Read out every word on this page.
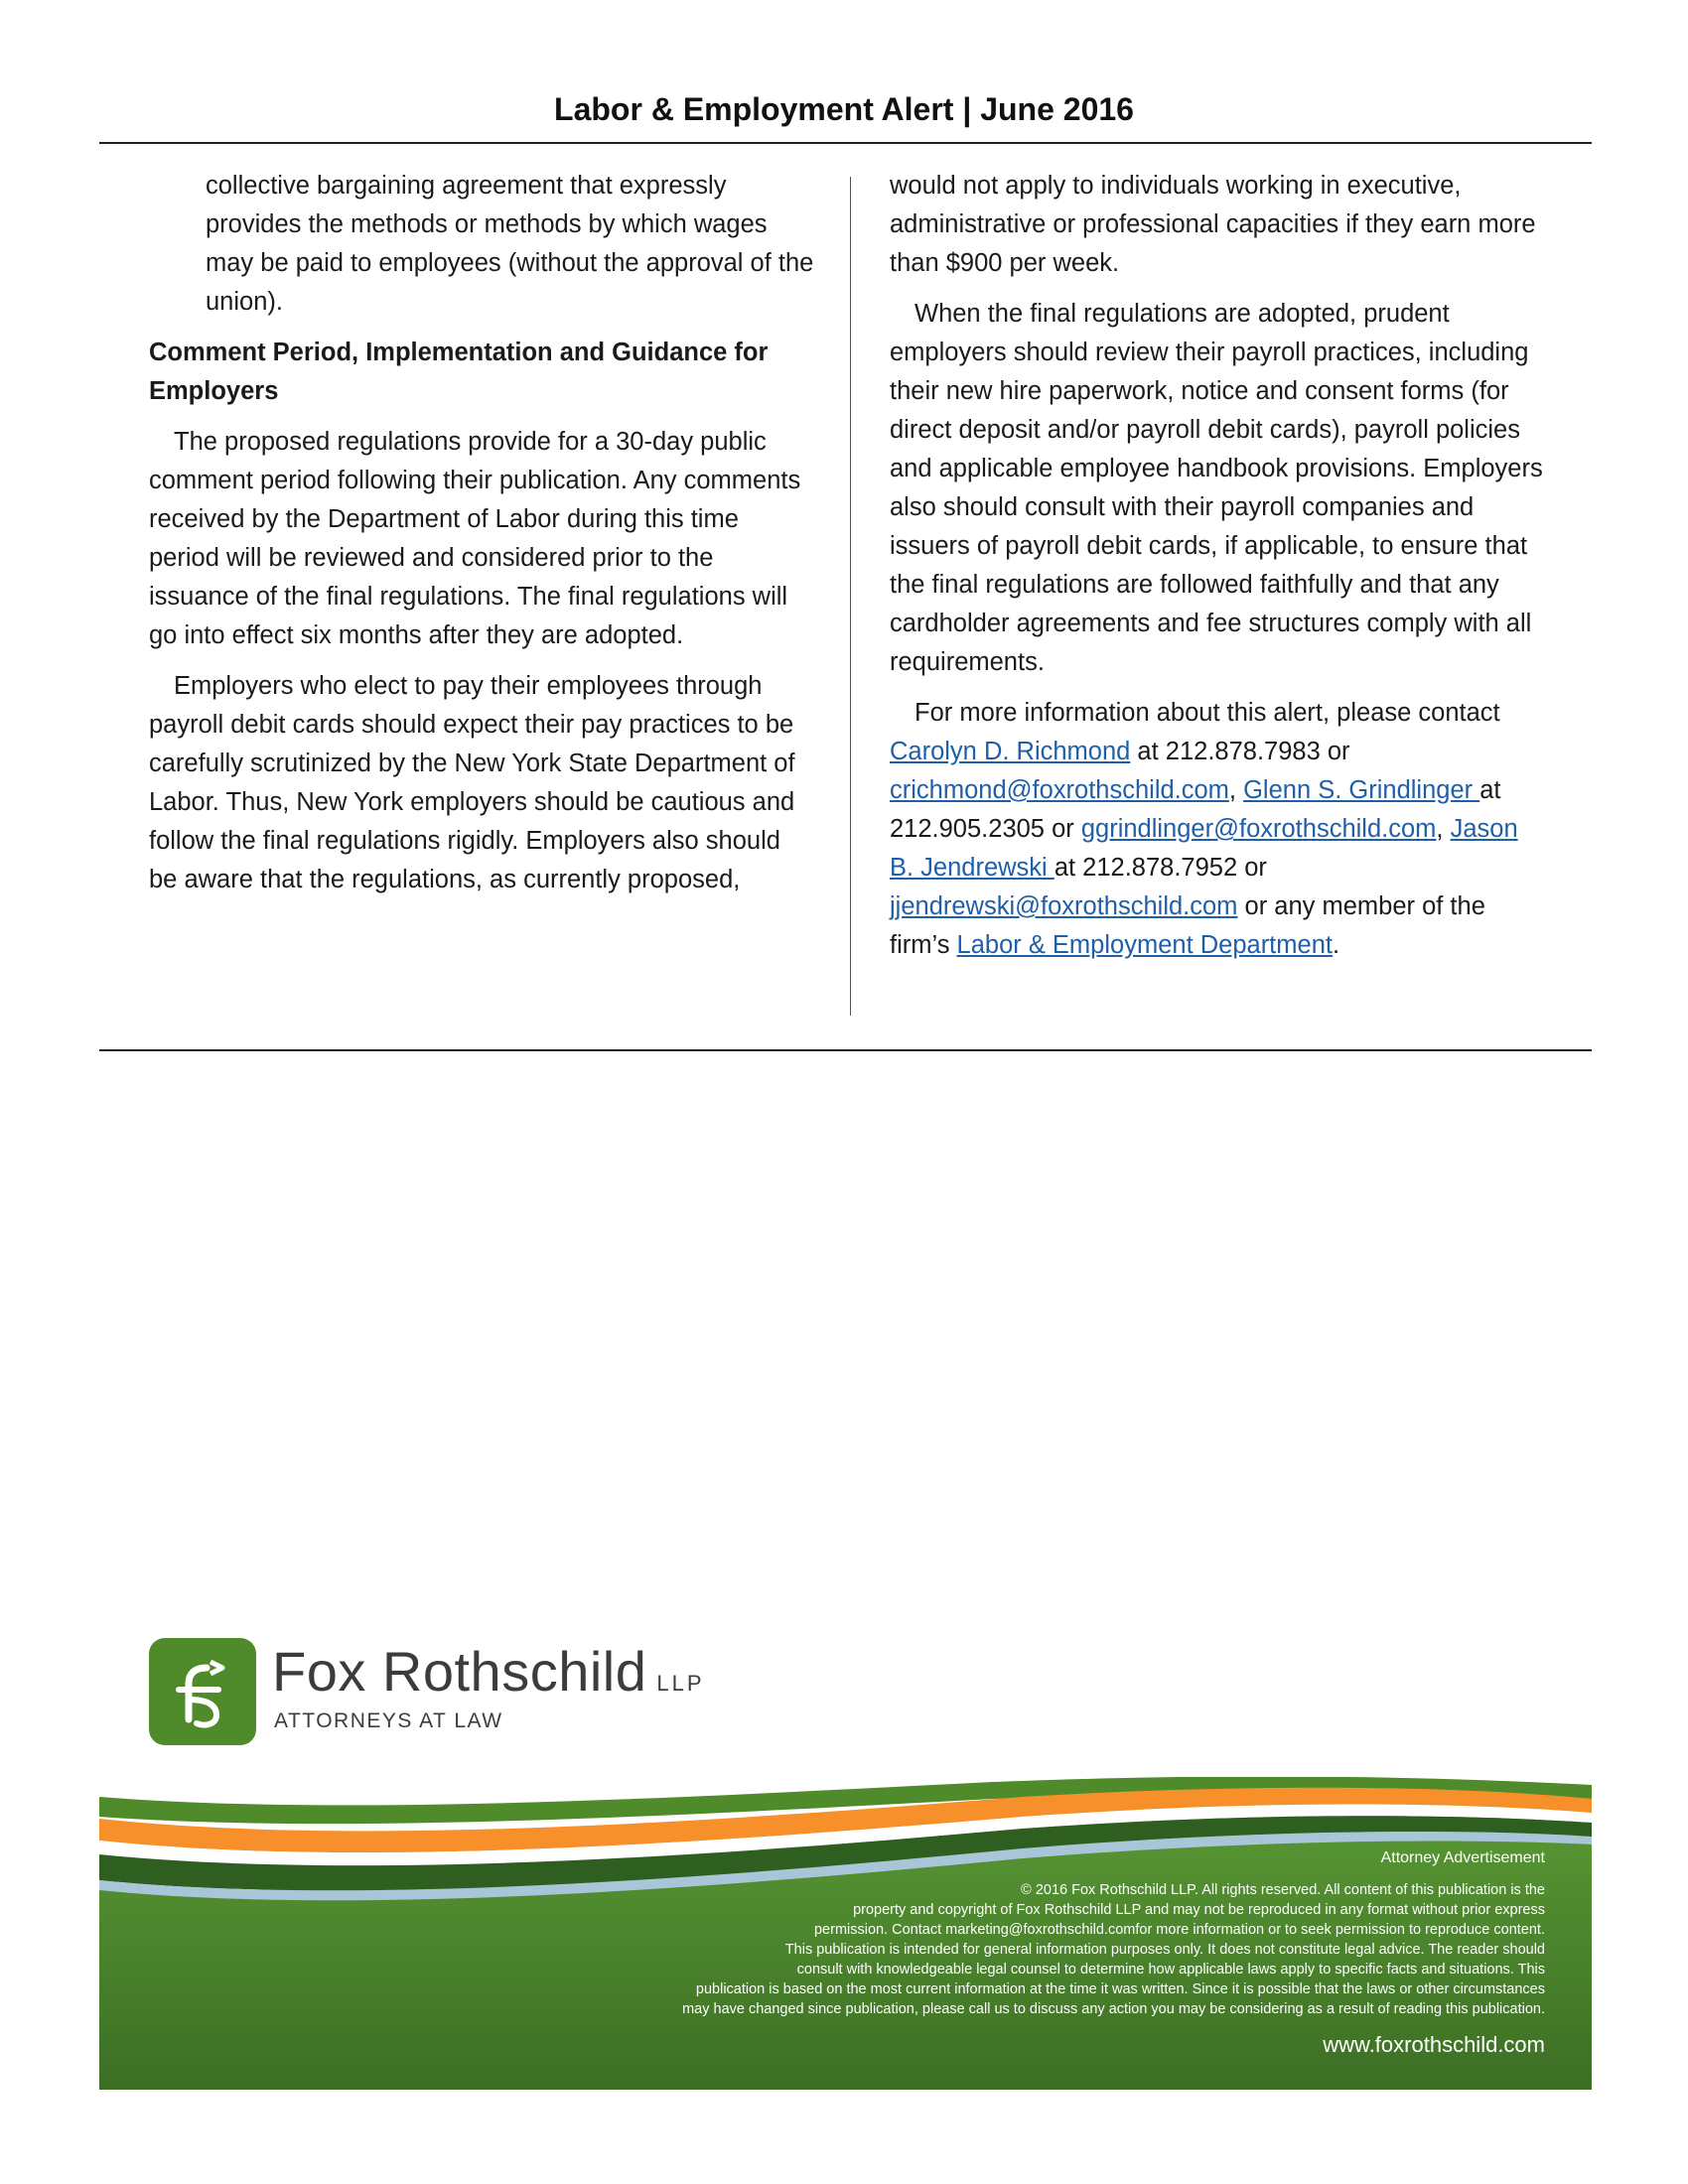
Labor & Employment Alert | June 2016

collective bargaining agreement that expressly provides the methods or methods by which wages may be paid to employees (without the approval of the union).

Comment Period, Implementation and Guidance for Employers

The proposed regulations provide for a 30-day public comment period following their publication. Any comments received by the Department of Labor during this time period will be reviewed and considered prior to the issuance of the final regulations. The final regulations will go into effect six months after they are adopted.

Employers who elect to pay their employees through payroll debit cards should expect their pay practices to be carefully scrutinized by the New York State Department of Labor. Thus, New York employers should be cautious and follow the final regulations rigidly. Employers also should be aware that the regulations, as currently proposed,

would not apply to individuals working in executive, administrative or professional capacities if they earn more than $900 per week.

When the final regulations are adopted, prudent employers should review their payroll practices, including their new hire paperwork, notice and consent forms (for direct deposit and/or payroll debit cards), payroll policies and applicable employee handbook provisions. Employers also should consult with their payroll companies and issuers of payroll debit cards, if applicable, to ensure that the final regulations are followed faithfully and that any cardholder agreements and fee structures comply with all requirements.

For more information about this alert, please contact Carolyn D. Richmond at 212.878.7983 or crichmond@foxrothschild.com, Glenn S. Grindlinger at 212.905.2305 or ggrindlinger@foxrothschild.com, Jason B. Jendrewski at 212.878.7952 or jjendrewski@foxrothschild.com or any member of the firm’s Labor & Employment Department.

Fox Rothschild LLP
ATTORNEYS AT LAW

Attorney Advertisement

© 2016 Fox Rothschild LLP. All rights reserved. All content of this publication is the

property and copyright of Fox Rothschild LLP and may not be reproduced in any format without prior express

permission. Contact marketing@foxrothschild.comfor more information or to seek permission to reproduce content.

This publication is intended for general information purposes only. It does not constitute legal advice. The reader should

consult with knowledgeable legal counsel to determine how applicable laws apply to specific facts and situations. This

publication is based on the most current information at the time it was written. Since it is possible that the laws or other circumstances

may have changed since publication, please call us to discuss any action you may be considering as a result of reading this publication.

www.foxrothschild.com
